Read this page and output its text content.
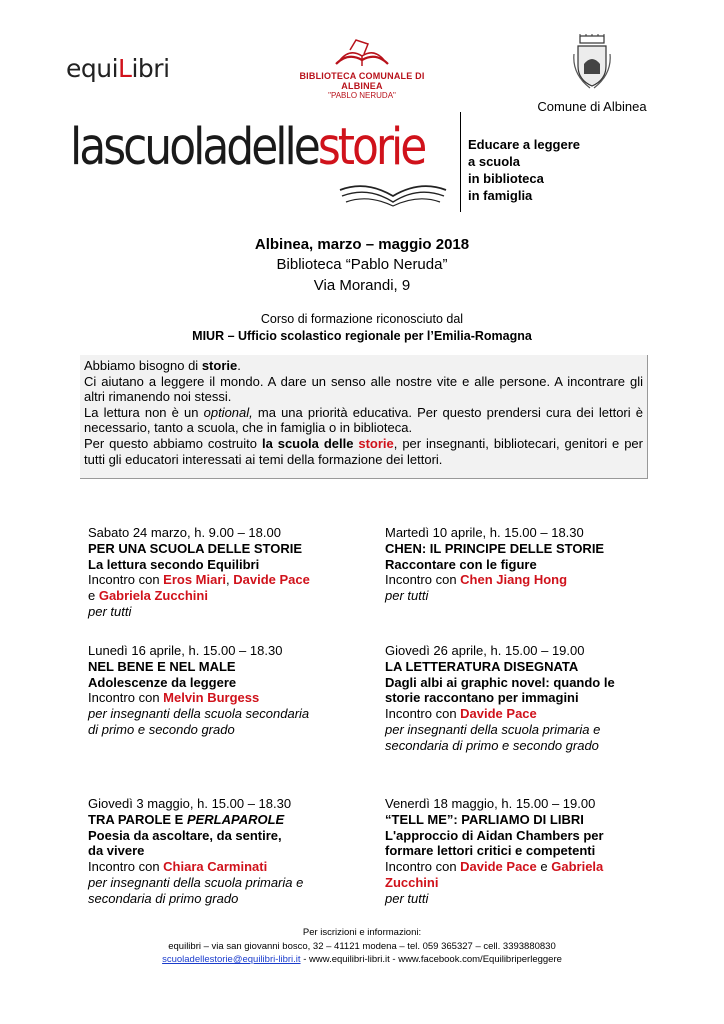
equiLibri	BIBLIOTECA COMUNALE DI ALBINEA
"PABLO NERUDA"
Comune di Albinea
lascuoladellestorie	Educare a leggere
a scuola
in biblioteca
in famiglia
Albinea, marzo – maggio 2018
Biblioteca “Pablo Neruda”
Via Morandi, 9
Corso di formazione riconosciuto dal
MIUR – Ufficio scolastico regionale per l’Emilia-Romagna

Abbiamo bisogno di storie.

Ci aiutano a leggere il mondo. A dare un senso alle nostre vite e alle persone. A incontrare gli altri rimanendo noi stessi.

La lettura non è un optional, ma una priorità educativa. Per questo prendersi cura dei lettori è necessario, tanto a scuola, che in famiglia o in biblioteca.

Per questo abbiamo costruito la scuola delle storie, per insegnanti, bibliotecari, genitori e per tutti gli educatori interessati ai temi della formazione dei lettori.

Sabato 24 marzo, h. 9.00 – 18.00
PER UNA SCUOLA DELLE STORIE
La lettura secondo Equilibri
Incontro con Eros Miari, Davide Pace
e Gabriela Zucchini
per tutti
Martedì 10 aprile, h. 15.00 – 18.30
CHEN: IL PRINCIPE DELLE STORIE
Raccontare con le figure
Incontro con Chen Jiang Hong
per tutti
Lunedì 16 aprile, h. 15.00 – 18.30
NEL BENE E NEL MALE
Adolescenze da leggere
Incontro con Melvin Burgess
per insegnanti della scuola secondaria
di primo e secondo grado
Giovedì 26 aprile, h. 15.00 – 19.00
LA LETTERATURA DISEGNATA
Dagli albi ai graphic novel: quando le
storie raccontano per immagini
Incontro con Davide Pace
per insegnanti della scuola primaria e
secondaria di primo e secondo grado
Giovedì 3 maggio, h. 15.00 – 18.30
TRA PAROLE E PERLAPAROLE
Poesia da ascoltare, da sentire,
da vivere
Incontro con Chiara Carminati
per insegnanti della scuola primaria e
secondaria di primo grado
Venerdì 18 maggio, h. 15.00 – 19.00
“TELL ME”: PARLIAMO DI LIBRI
L'approccio di Aidan Chambers per
formare lettori critici e competenti
Incontro con Davide Pace e Gabriela
Zucchini
per tutti
Per iscrizioni e informazioni:
equilibri – via san giovanni bosco, 32 – 41121 modena – tel. 059 365327 – cell. 3393880830
scuoladellestorie@equilibri-libri.it - www.equilibri-libri.it - www.facebook.com/Equilibriperleggere
